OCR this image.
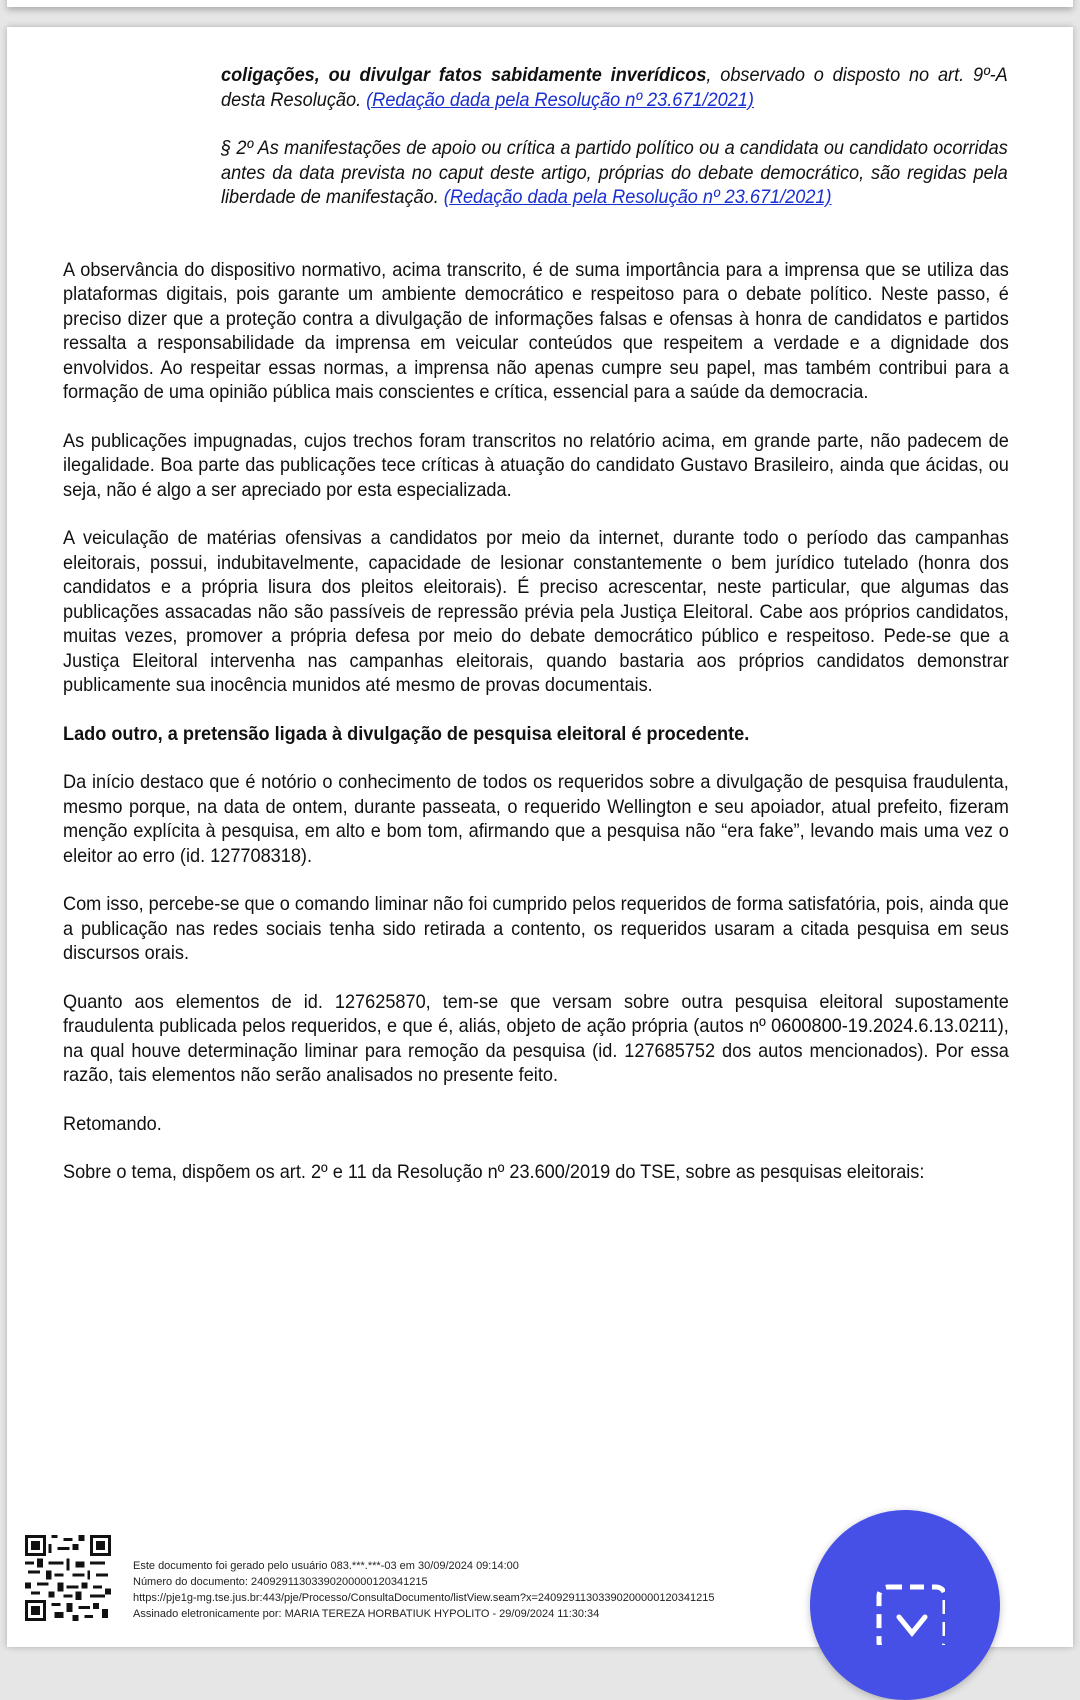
coligações, ou divulgar fatos sabidamente inverídicos, observado o disposto no art. 9º-A desta Resolução. (Redação dada pela Resolução nº 23.671/2021)

§ 2º As manifestações de apoio ou crítica a partido político ou a candidata ou candidato ocorridas antes da data prevista no caput deste artigo, próprias do debate democrático, são regidas pela liberdade de manifestação. (Redação dada pela Resolução nº 23.671/2021)

A observância do dispositivo normativo, acima transcrito, é de suma importância para a imprensa que se utiliza das plataformas digitais, pois garante um ambiente democrático e respeitoso para o debate político. Neste passo, é preciso dizer que a proteção contra a divulgação de informações falsas e ofensas à honra de candidatos e partidos ressalta a responsabilidade da imprensa em veicular conteúdos que respeitem a verdade e a dignidade dos envolvidos. Ao respeitar essas normas, a imprensa não apenas cumpre seu papel, mas também contribui para a formação de uma opinião pública mais conscientes e crítica, essencial para a saúde da democracia.

As publicações impugnadas, cujos trechos foram transcritos no relatório acima, em grande parte, não padecem de ilegalidade. Boa parte das publicações tece críticas à atuação do candidato Gustavo Brasileiro, ainda que ácidas, ou seja, não é algo a ser apreciado por esta especializada.

A veiculação de matérias ofensivas a candidatos por meio da internet, durante todo o período das campanhas eleitorais, possui, indubitavelmente, capacidade de lesionar constantemente o bem jurídico tutelado (honra dos candidatos e a própria lisura dos pleitos eleitorais). É preciso acrescentar, neste particular, que algumas das publicações assacadas não são passíveis de repressão prévia pela Justiça Eleitoral. Cabe aos próprios candidatos, muitas vezes, promover a própria defesa por meio do debate democrático público e respeitoso. Pede-se que a Justiça Eleitoral intervenha nas campanhas eleitorais, quando bastaria aos próprios candidatos demonstrar publicamente sua inocência munidos até mesmo de provas documentais.

Lado outro, a pretensão ligada à divulgação de pesquisa eleitoral é procedente.

Da início destaco que é notório o conhecimento de todos os requeridos sobre a divulgação de pesquisa fraudulenta, mesmo porque, na data de ontem, durante passeata, o requerido Wellington e seu apoiador, atual prefeito, fizeram menção explícita à pesquisa, em alto e bom tom, afirmando que a pesquisa não “era fake”, levando mais uma vez o eleitor ao erro (id. 127708318).

Com isso, percebe-se que o comando liminar não foi cumprido pelos requeridos de forma satisfatória, pois, ainda que a publicação nas redes sociais tenha sido retirada a contento, os requeridos usaram a citada pesquisa em seus discursos orais.

Quanto aos elementos de id. 127625870, tem-se que versam sobre outra pesquisa eleitoral supostamente fraudulenta publicada pelos requeridos, e que é, aliás, objeto de ação própria (autos nº 0600800-19.2024.6.13.0211), na qual houve determinação liminar para remoção da pesquisa (id. 127685752 dos autos mencionados). Por essa razão, tais elementos não serão analisados no presente feito.

Retomando.

Sobre o tema, dispõem os art. 2º e 11 da Resolução nº 23.600/2019 do TSE, sobre as pesquisas eleitorais:

Este documento foi gerado pelo usuário 083.***.***-03 em 30/09/2024 09:14:00
Número do documento: 24092911303390200000120341215
https://pje1g-mg.tse.jus.br:443/pje/Processo/ConsultaDocumento/listView.seam?x=24092911303390200000120341215
Assinado eletronicamente por: MARIA TEREZA HORBATIUK HYPOLITO - 29/09/2024 11:30:34
